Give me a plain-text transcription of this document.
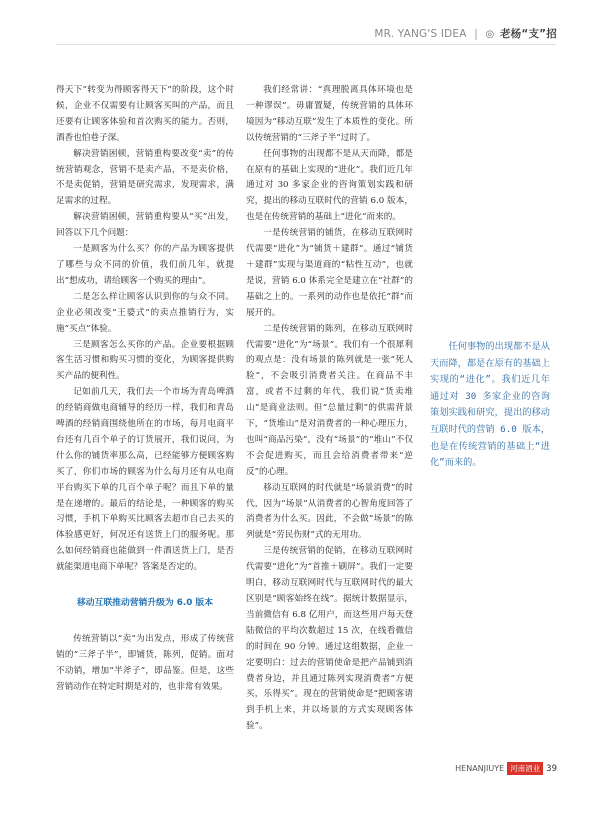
MR. YANG'S IDEA | ◎ 老杨“支”招

得天下”转变为得顾客得天下”的阶段，这个时候，企业不仅需要有让顾客买叫的产品，而且还要有让顾客体验和首次购买的能力。否则，酒香也怕巷子深。

解决营销困顿，营销重构要改变“卖”的传统营销观念，营销不是卖产品，不是卖价格，不是卖促销，营销是研究需求，发现需求，满足需求的过程。

解决营销困顿，营销重构要从“买”出发，回答以下几个问题：

一是顾客为什么买？你的产品为顾客提供了哪些与众不同的价值，我们前几年，就提出“想成功，请给顾客一个购买的理由”。

二是怎么样让顾客认识到你的与众不同。企业必须改变“王婆式”的卖点推销行为，实施“买点”体验。

三是顾客怎么买你的产品。企业要根据顾客生活习惯和购买习惯的变化，为顾客提供购买产品的便利性。

记如前几天，我们去一个市场为青岛啤酒的经销商做电商辅导的经历一样，我们和青岛啤酒的经销商围绕他所在的市场，每月电商平台还有几百个单子的订货展开，我们说问，为什么你的铺货率那么高，已经能够方便顾客购买了，你们市场的顾客为什么每月还有从电商平台购买下单的几百个单子呢？而且下单的量是在递增的。最后的结论是，一种顾客的购买习惯，手机下单购买比顾客去超市自己去买的体验感更好，何况还有送货上门的服务呢。那么如何经销商也能做到一件酒送货上门，是否就能渠道电商下单呢？答案是否定的。

移动互联推动营销升级为 6.0 版本

传统营销以“卖”为出发点，形成了传统营销的“三斧子半”，即铺货，陈列，促销。面对不动销，增加“半斧子”，即品鉴。但是，这些营销动作在特定时期是对的，也非常有效果。

我们经常讲：“真理脱离具体环境也是一种谬误”。毋庸置疑，传统营销的具体环境因为“移动互联”发生了本质性的变化。所以传统营销的“三斧子半”过时了。

任何事物的出现都不是从天而降，都是在原有的基础上实现的“进化”。我们近几年通过对 30 多家企业的咨询策划实践和研究，提出的移动互联时代的营销 6.0 版本，也是在传统营销的基础上“进化”而来的。

一是传统营销的铺货，在移动互联网时代需要“进化”为“铺货＋建群”。通过“铺货＋建群”实现与渠道商的“粘性互动”，也就是说，营销 6.0 体系完全是建立在“社群”的基础之上的。一系列的动作也是依托“群”而展开的。

二是传统营销的陈列，在移动互联网时代需要“进化”为“场景”。我们有一个很犀利的观点是：没有场景的陈列就是一张“死人脸”，不会吸引消费者关注。在商品不丰富，或者不过剩的年代，我们说“货卖堆山”是商业法则。但“总量过剩”的供需背景下，“货堆山”是对消费者的一种心理压力，也叫“商品污染”，没有“场景”的“堆山”不仅不会促进购买，而且会给消费者带来“逆反”的心理。

移动互联网的时代就是“场景消费”的时代，因为“场景”从消费者的心智角度回答了消费者为什么买。因此，不会做“场景”的陈列就是“劳民伤财”式的无用功。

三是传统营销的促销，在移动互联网时代需要“进化”为“首推＋刷屏”。我们一定要明白，移动互联网时代与互联网时代的最大区别是“顾客始终在线”。据统计数据显示，当前微信有 6.8 亿用户，而这些用户每天登陆微信的平均次数超过 15 次，在线看微信的时间在 90 分钟。通过这组数据，企业一定要明白：过去的营销使命是把产品铺到消费者身边，并且通过陈列实现消费者“方便买，乐得买”。现在的营销使命是“把顾客请到手机上来，并以场景的方式实现顾客体验”。

任何事物的出现都不是从天而降，都是在原有的基础上实现的“进化”。我们近几年通过对 30 多家企业的咨询策划实践和研究，提出的移动互联时代的营销 6.0 版本，也是在传统营销的基础上“进化”而来的。

HENANJIUYE 河南酒业 39
